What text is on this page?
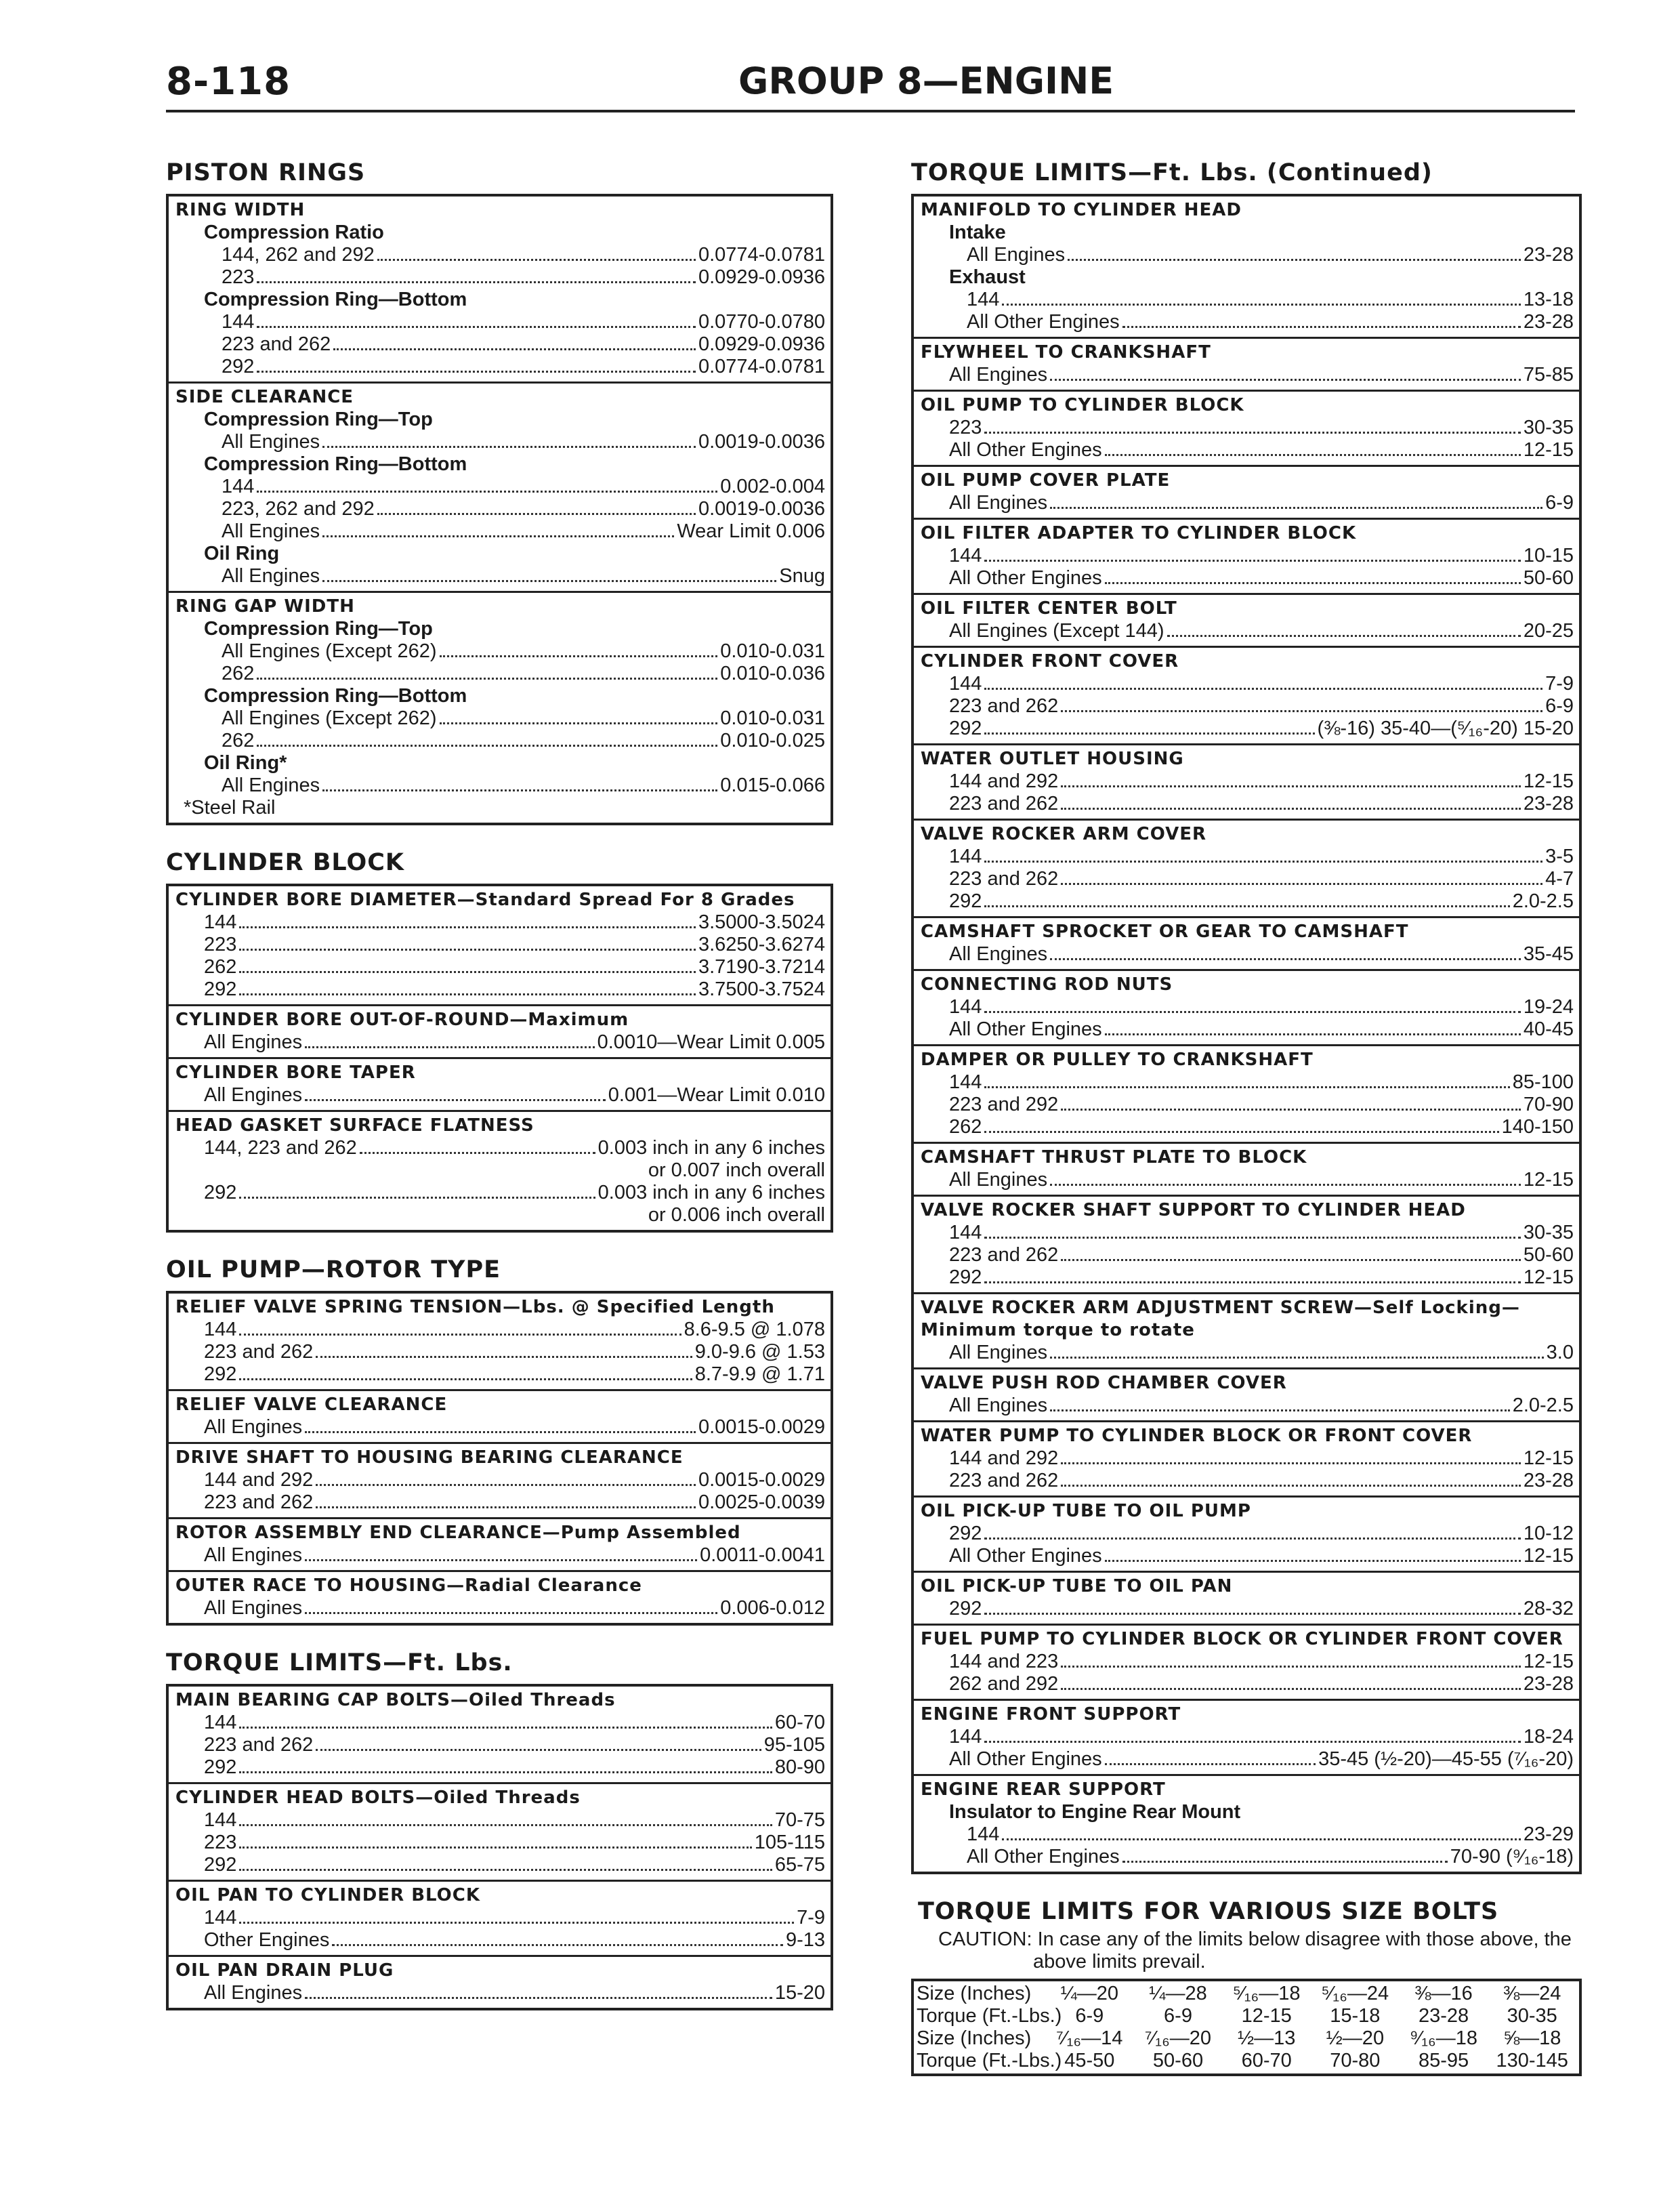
8-118	GROUP 8—ENGINE
PISTON RINGS
RING WIDTH
Compression Ratio
144, 262 and 292	0.0774-0.0781
223	0.0929-0.0936
Compression Ring—Bottom
144	0.0770-0.0780
223 and 262	0.0929-0.0936
292	0.0774-0.0781
SIDE CLEARANCE
Compression Ring—Top
All Engines	0.0019-0.0036
Compression Ring—Bottom
144	0.002-0.004
223, 262 and 292	0.0019-0.0036
All Engines	Wear Limit 0.006
Oil Ring
All Engines	Snug
RING GAP WIDTH
Compression Ring—Top
All Engines (Except 262)	0.010-0.031
262	0.010-0.036
Compression Ring—Bottom
All Engines (Except 262)	0.010-0.031
262	0.010-0.025
Oil Ring*
All Engines	0.015-0.066
*Steel Rail
CYLINDER BLOCK
CYLINDER BORE DIAMETER—Standard Spread For 8 Grades
144	3.5000-3.5024
223	3.6250-3.6274
262	3.7190-3.7214
292	3.7500-3.7524
CYLINDER BORE OUT-OF-ROUND—Maximum
All Engines	0.0010—Wear Limit 0.005
CYLINDER BORE TAPER
All Engines	0.001—Wear Limit 0.010
HEAD GASKET SURFACE FLATNESS
144, 223 and 262	0.003 inch in any 6 inches
or 0.007 inch overall
292	0.003 inch in any 6 inches
or 0.006 inch overall
OIL PUMP—ROTOR TYPE
RELIEF VALVE SPRING TENSION—Lbs. @ Specified Length
144	8.6-9.5 @ 1.078
223 and 262	9.0-9.6 @ 1.53
292	8.7-9.9 @ 1.71
RELIEF VALVE CLEARANCE
All Engines	0.0015-0.0029
DRIVE SHAFT TO HOUSING BEARING CLEARANCE
144 and 292	0.0015-0.0029
223 and 262	0.0025-0.0039
ROTOR ASSEMBLY END CLEARANCE—Pump Assembled
All Engines	0.0011-0.0041
OUTER RACE TO HOUSING—Radial Clearance
All Engines	0.006-0.012
TORQUE LIMITS—Ft. Lbs.
MAIN BEARING CAP BOLTS—Oiled Threads
144	60-70
223 and 262	95-105
292	80-90
CYLINDER HEAD BOLTS—Oiled Threads
144	70-75
223	105-115
292	65-75
OIL PAN TO CYLINDER BLOCK
144	7-9
Other Engines	9-13
OIL PAN DRAIN PLUG
All Engines	15-20
TORQUE LIMITS—Ft. Lbs. (Continued)
MANIFOLD TO CYLINDER HEAD
Intake
All Engines	23-28
Exhaust
144	13-18
All Other Engines	23-28
FLYWHEEL TO CRANKSHAFT
All Engines	75-85
OIL PUMP TO CYLINDER BLOCK
223	30-35
All Other Engines	12-15
OIL PUMP COVER PLATE
All Engines	6-9
OIL FILTER ADAPTER TO CYLINDER BLOCK
144	10-15
All Other Engines	50-60
OIL FILTER CENTER BOLT
All Engines (Except 144)	20-25
CYLINDER FRONT COVER
144	7-9
223 and 262	6-9
292	(⅜-16) 35-40—(⁵⁄₁₆-20) 15-20
WATER OUTLET HOUSING
144 and 292	12-15
223 and 262	23-28
VALVE ROCKER ARM COVER
144	3-5
223 and 262	4-7
292	2.0-2.5
CAMSHAFT SPROCKET OR GEAR TO CAMSHAFT
All Engines	35-45
CONNECTING ROD NUTS
144	19-24
All Other Engines	40-45
DAMPER OR PULLEY TO CRANKSHAFT
144	85-100
223 and 292	70-90
262	140-150
CAMSHAFT THRUST PLATE TO BLOCK
All Engines	12-15
VALVE ROCKER SHAFT SUPPORT TO CYLINDER HEAD
144	30-35
223 and 262	50-60
292	12-15
VALVE ROCKER ARM ADJUSTMENT SCREW—Self Locking—
Minimum torque to rotate
All Engines	3.0
VALVE PUSH ROD CHAMBER COVER
All Engines	2.0-2.5
WATER PUMP TO CYLINDER BLOCK OR FRONT COVER
144 and 292	12-15
223 and 262	23-28
OIL PICK-UP TUBE TO OIL PUMP
292	10-12
All Other Engines	12-15
OIL PICK-UP TUBE TO OIL PAN
292	28-32
FUEL PUMP TO CYLINDER BLOCK OR CYLINDER FRONT COVER
144 and 223	12-15
262 and 292	23-28
ENGINE FRONT SUPPORT
144	18-24
All Other Engines	35-45 (½-20)—45-55 (⁷⁄₁₆-20)
ENGINE REAR SUPPORT
Insulator to Engine Rear Mount
144	23-29
All Other Engines	70-90 (⁹⁄₁₆-18)
TORQUE LIMITS FOR VARIOUS SIZE BOLTS
CAUTION: In case any of the limits below disagree with those above, the
above limits prevail.
Size (Inches)	¼—20	¼—28	⁵⁄₁₆—18	⁵⁄₁₆—24	⅜—16	⅜—24
Torque (Ft.-Lbs.) 6-9	6-9	12-15	15-18	23-28	30-35
Size (Inches)	⁷⁄₁₆—14	⁷⁄₁₆—20	½—13	½—20	⁹⁄₁₆—18	⅝—18
Torque (Ft.-Lbs.) 45-50	50-60	60-70	70-80	85-95	130-145
